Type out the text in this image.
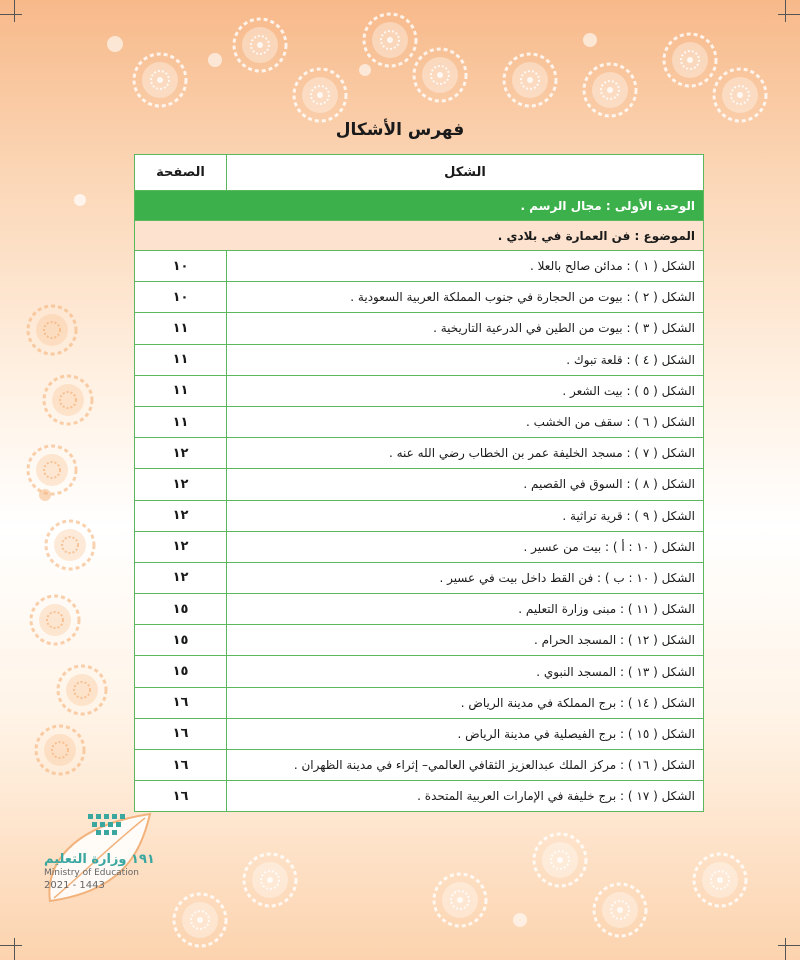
فهرس الأشكال
الشكل	الصفحة
الوحدة الأولى : مجال الرسم .	
الموضوع : فن العمارة في بلادي .	
الشكل ( ١ ) : مدائن صالح بالعلا .	١٠
الشكل ( ٢ ) : بيوت من الحجارة في جنوب المملكة العربية السعودية .	١٠
الشكل ( ٣ ) : بيوت من الطين في الدرعية التاريخية .	١١
الشكل ( ٤ ) : قلعة تبوك .	١١
الشكل ( ٥ ) : بيت الشعر .	١١
الشكل ( ٦ ) : سقف من الخشب .	١١
الشكل ( ٧ ) : مسجد الخليفة عمر بن الخطاب رضي الله عنه .	١٢
الشكل ( ٨ ) : السوق في القصيم .	١٢
الشكل ( ٩ ) : قرية تراثية .	١٢
الشكل ( ١٠ : أ ) : بيت من عسير .	١٢
الشكل ( ١٠ : ب ) : فن القط داخل بيت في عسير .	١٢
الشكل ( ١١ ) : مبنى وزارة التعليم .	١٥
الشكل ( ١٢ ) : المسجد الحرام .	١٥
الشكل ( ١٣ ) : المسجد النبوي .	١٥
الشكل ( ١٤ ) : برج المملكة في مدينة الرياض .	١٦
الشكل ( ١٥ ) : برج الفيصلية في مدينة الرياض .	١٦
الشكل ( ١٦ ) : مركز الملك عبدالعزيز الثقافي العالمي– إثراء في مدينة الظهران .	١٦
الشكل ( ١٧ ) : برج خليفة في الإمارات العربية المتحدة .	١٦
١٩١ وزارة التعليم
Ministry of Education
2021 - 1443
